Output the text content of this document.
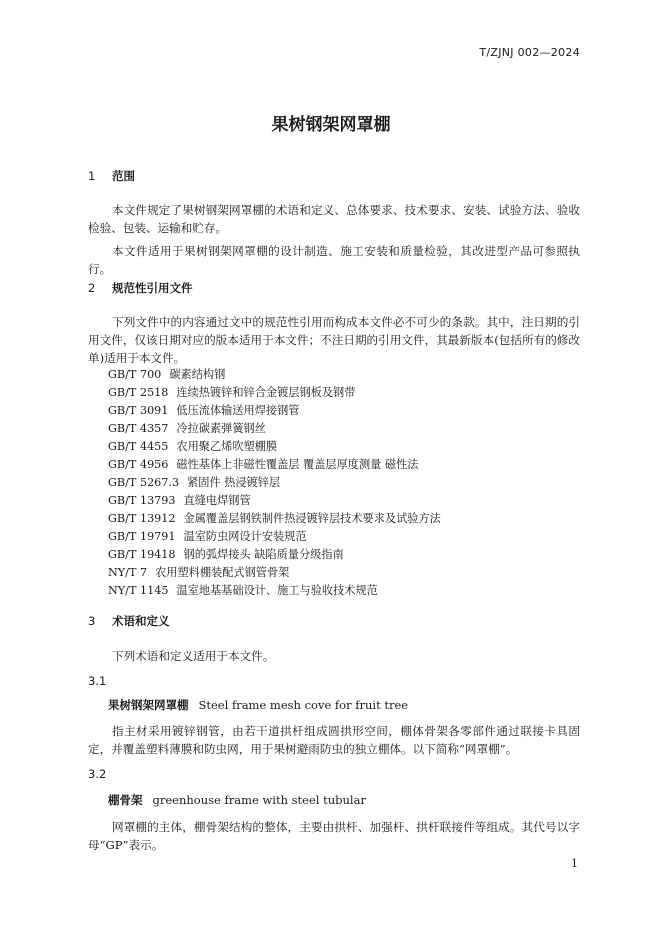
T/ZJNJ 002—2024
果树钢架网罩棚
1 范围
本文件规定了果树钢架网罩棚的术语和定义、总体要求、技术要求、安装、试验方法、验收检验、包装、运输和贮存。
本文件适用于果树钢架网罩棚的设计制造、施工安装和质量检验，其改进型产品可参照执行。
2 规范性引用文件
下列文件中的内容通过文中的规范性引用而构成本文件必不可少的条款。其中，注日期的引用文件，仅该日期对应的版本适用于本文件；不注日期的引用文件，其最新版本(包括所有的修改单)适用于本文件。
GB/T 700 碳素结构钢
GB/T 2518 连续热镀锌和锌合金镀层钢板及钢带
GB/T 3091 低压流体输送用焊接钢管
GB/T 4357 冷拉碳素弹簧钢丝
GB/T 4455 农用聚乙烯吹塑棚膜
GB/T 4956 磁性基体上非磁性覆盖层 覆盖层厚度测量 磁性法
GB/T 5267.3 紧固件 热浸镀锌层
GB/T 13793 直缝电焊钢管
GB/T 13912 金属覆盖层钢铁制件热浸镀锌层技术要求及试验方法
GB/T 19791 温室防虫网设计安装规范
GB/T 19418 钢的弧焊接头 缺陷质量分级指南
NY/T 7 农用塑料棚装配式钢管骨架
NY/T 1145 温室地基基础设计、施工与验收技术规范
3 术语和定义
下列术语和定义适用于本文件。
3.1
果树钢架网罩棚 Steel frame mesh cove for fruit tree
指主材采用镀锌钢管，由若干道拱杆组成圆拱形空间，棚体骨架各零部件通过联接卡具固定，并覆盖塑料薄膜和防虫网，用于果树避雨防虫的独立棚体。以下简称“网罩棚”。
3.2
棚骨架 greenhouse frame with steel tubular
网罩棚的主体，棚骨架结构的整体，主要由拱杆、加强杆、拱杆联接件等组成。其代号以字母“GP”表示。
1
